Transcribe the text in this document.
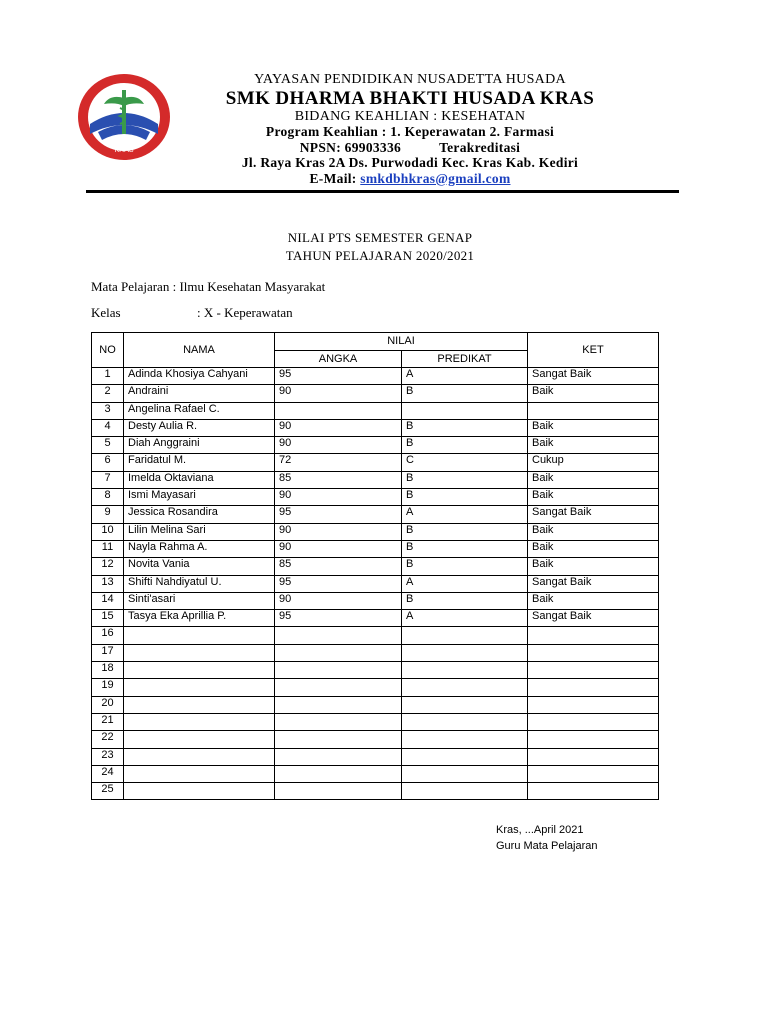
KRAS
YAYASAN PENDIDIKAN NUSADETTA HUSADA
SMK DHARMA BHAKTI HUSADA KRAS
BIDANG KEAHLIAN : KESEHATAN
Program Keahlian : 1. Keperawatan 2. Farmasi
NPSN: 69903336	Terakreditasi
Jl. Raya Kras 2A Ds. Purwodadi Kec. Kras Kab. Kediri
E-Mail: smkdbhkras@gmail.com
NILAI PTS SEMESTER GENAP
TAHUN PELAJARAN 2020/2021
Mata Pelajaran : Ilmu Kesehatan Masyarakat
Kelas	: X - Keperawatan
NO	NAMA	NILAI		KET
		ANGKA	PREDIKAT	
1	Adinda Khosiya Cahyani	95	A	Sangat Baik
2	Andraini	90	B	Baik
3	Angelina Rafael C.			
4	Desty Aulia R.	90	B	Baik
5	Diah Anggraini	90	B	Baik
6	Faridatul M.	72	C	Cukup
7	Imelda Oktaviana	85	B	Baik
8	Ismi Mayasari	90	B	Baik
9	Jessica Rosandira	95	A	Sangat Baik
10	Lilin Melina Sari	90	B	Baik
11	Nayla Rahma A.	90	B	Baik
12	Novita Vania	85	B	Baik
13	Shifti Nahdiyatul U.	95	A	Sangat Baik
14	Sinti'asari	90	B	Baik
15	Tasya Eka Aprillia P.	95	A	Sangat Baik
16				
17				
18				
19				
20				
21				
22				
23				
24				
25				
Kras, ...April 2021
Guru Mata Pelajaran
